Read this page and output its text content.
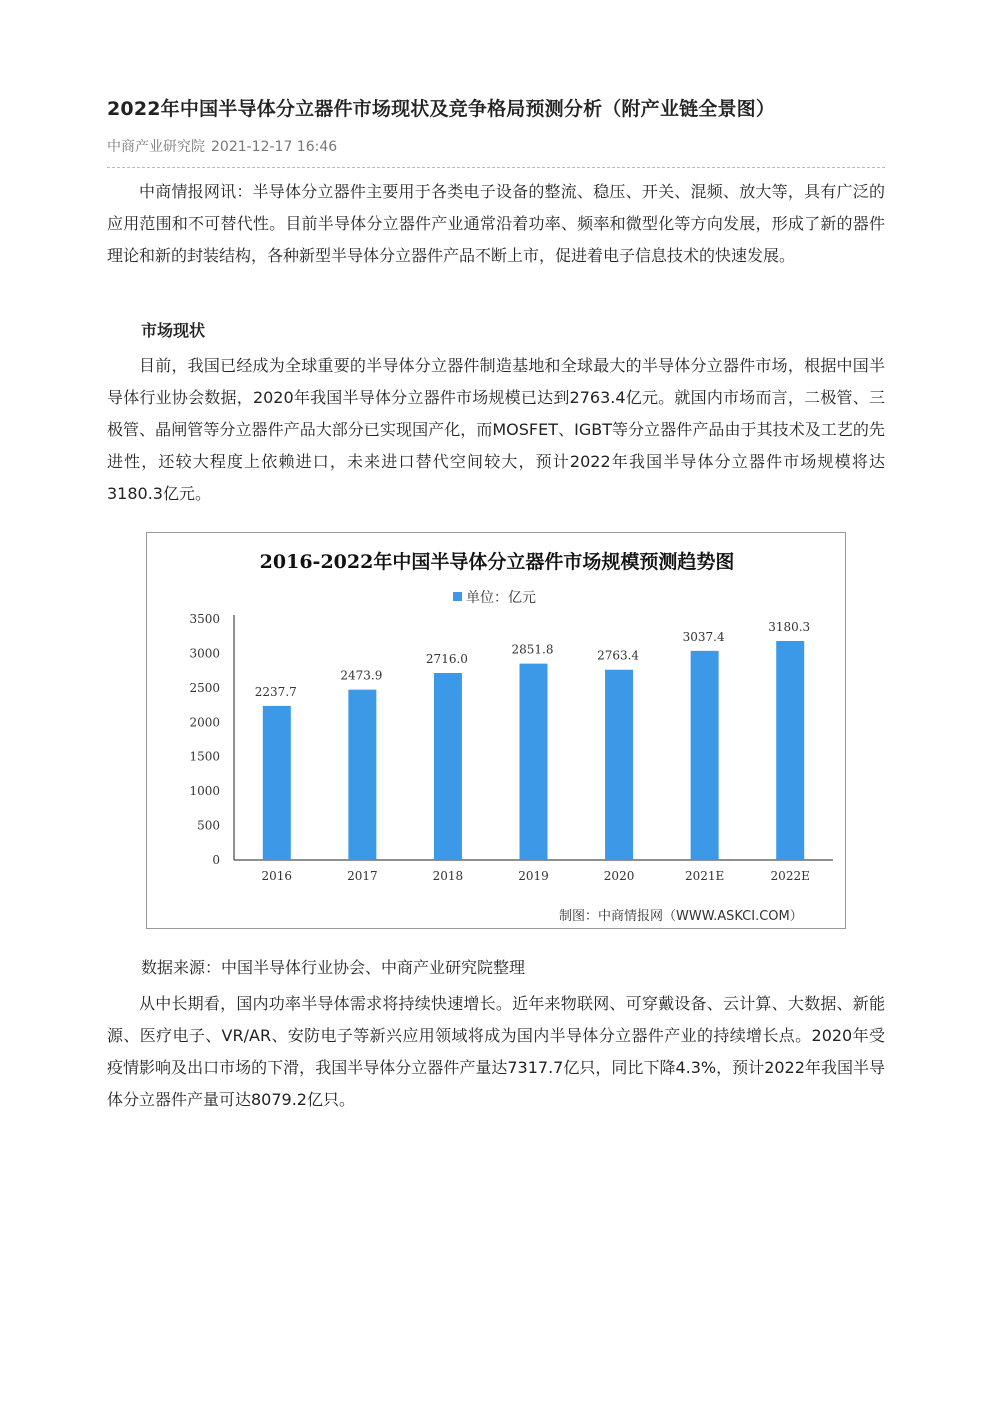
2022年中国半导体分立器件市场现状及竞争格局预测分析（附产业链全景图）
中商产业研究院 2021-12-17 16:46
中商情报网讯：半导体分立器件主要用于各类电子设备的整流、稳压、开关、混频、放大等，具有广泛的应用范围和不可替代性。目前半导体分立器件产业通常沿着功率、频率和微型化等方向发展，形成了新的器件理论和新的封装结构，各种新型半导体分立器件产品不断上市，促进着电子信息技术的快速发展。
市场现状
目前，我国已经成为全球重要的半导体分立器件制造基地和全球最大的半导体分立器件市场，根据中国半导体行业协会数据，2020年我国半导体分立器件市场规模已达到2763.4亿元。就国内市场而言，二极管、三极管、晶闸管等分立器件产品大部分已实现国产化，而MOSFET、IGBT等分立器件产品由于其技术及工艺的先进性，还较大程度上依赖进口，未来进口替代空间较大，预计2022年我国半导体分立器件市场规模将达3180.3亿元。
2016-2022年中国半导体分立器件市场规模预测趋势图
单位：亿元
0
500
1000
1500
2000
2500
3000
3500
2237.7
2016
2473.9
2017
2716.0
2018
2851.8
2019
2763.4
2020
3037.4
2021E
3180.3
2022E
制图：中商情报网（WWW.ASKCI.COM）
数据来源：中国半导体行业协会、中商产业研究院整理
从中长期看，国内功率半导体需求将持续快速增长。近年来物联网、可穿戴设备、云计算、大数据、新能源、医疗电子、VR/AR、安防电子等新兴应用领域将成为国内半导体分立器件产业的持续增长点。2020年受疫情影响及出口市场的下滑，我国半导体分立器件产量达7317.7亿只，同比下降4.3%，预计2022年我国半导体分立器件产量可达8079.2亿只。
